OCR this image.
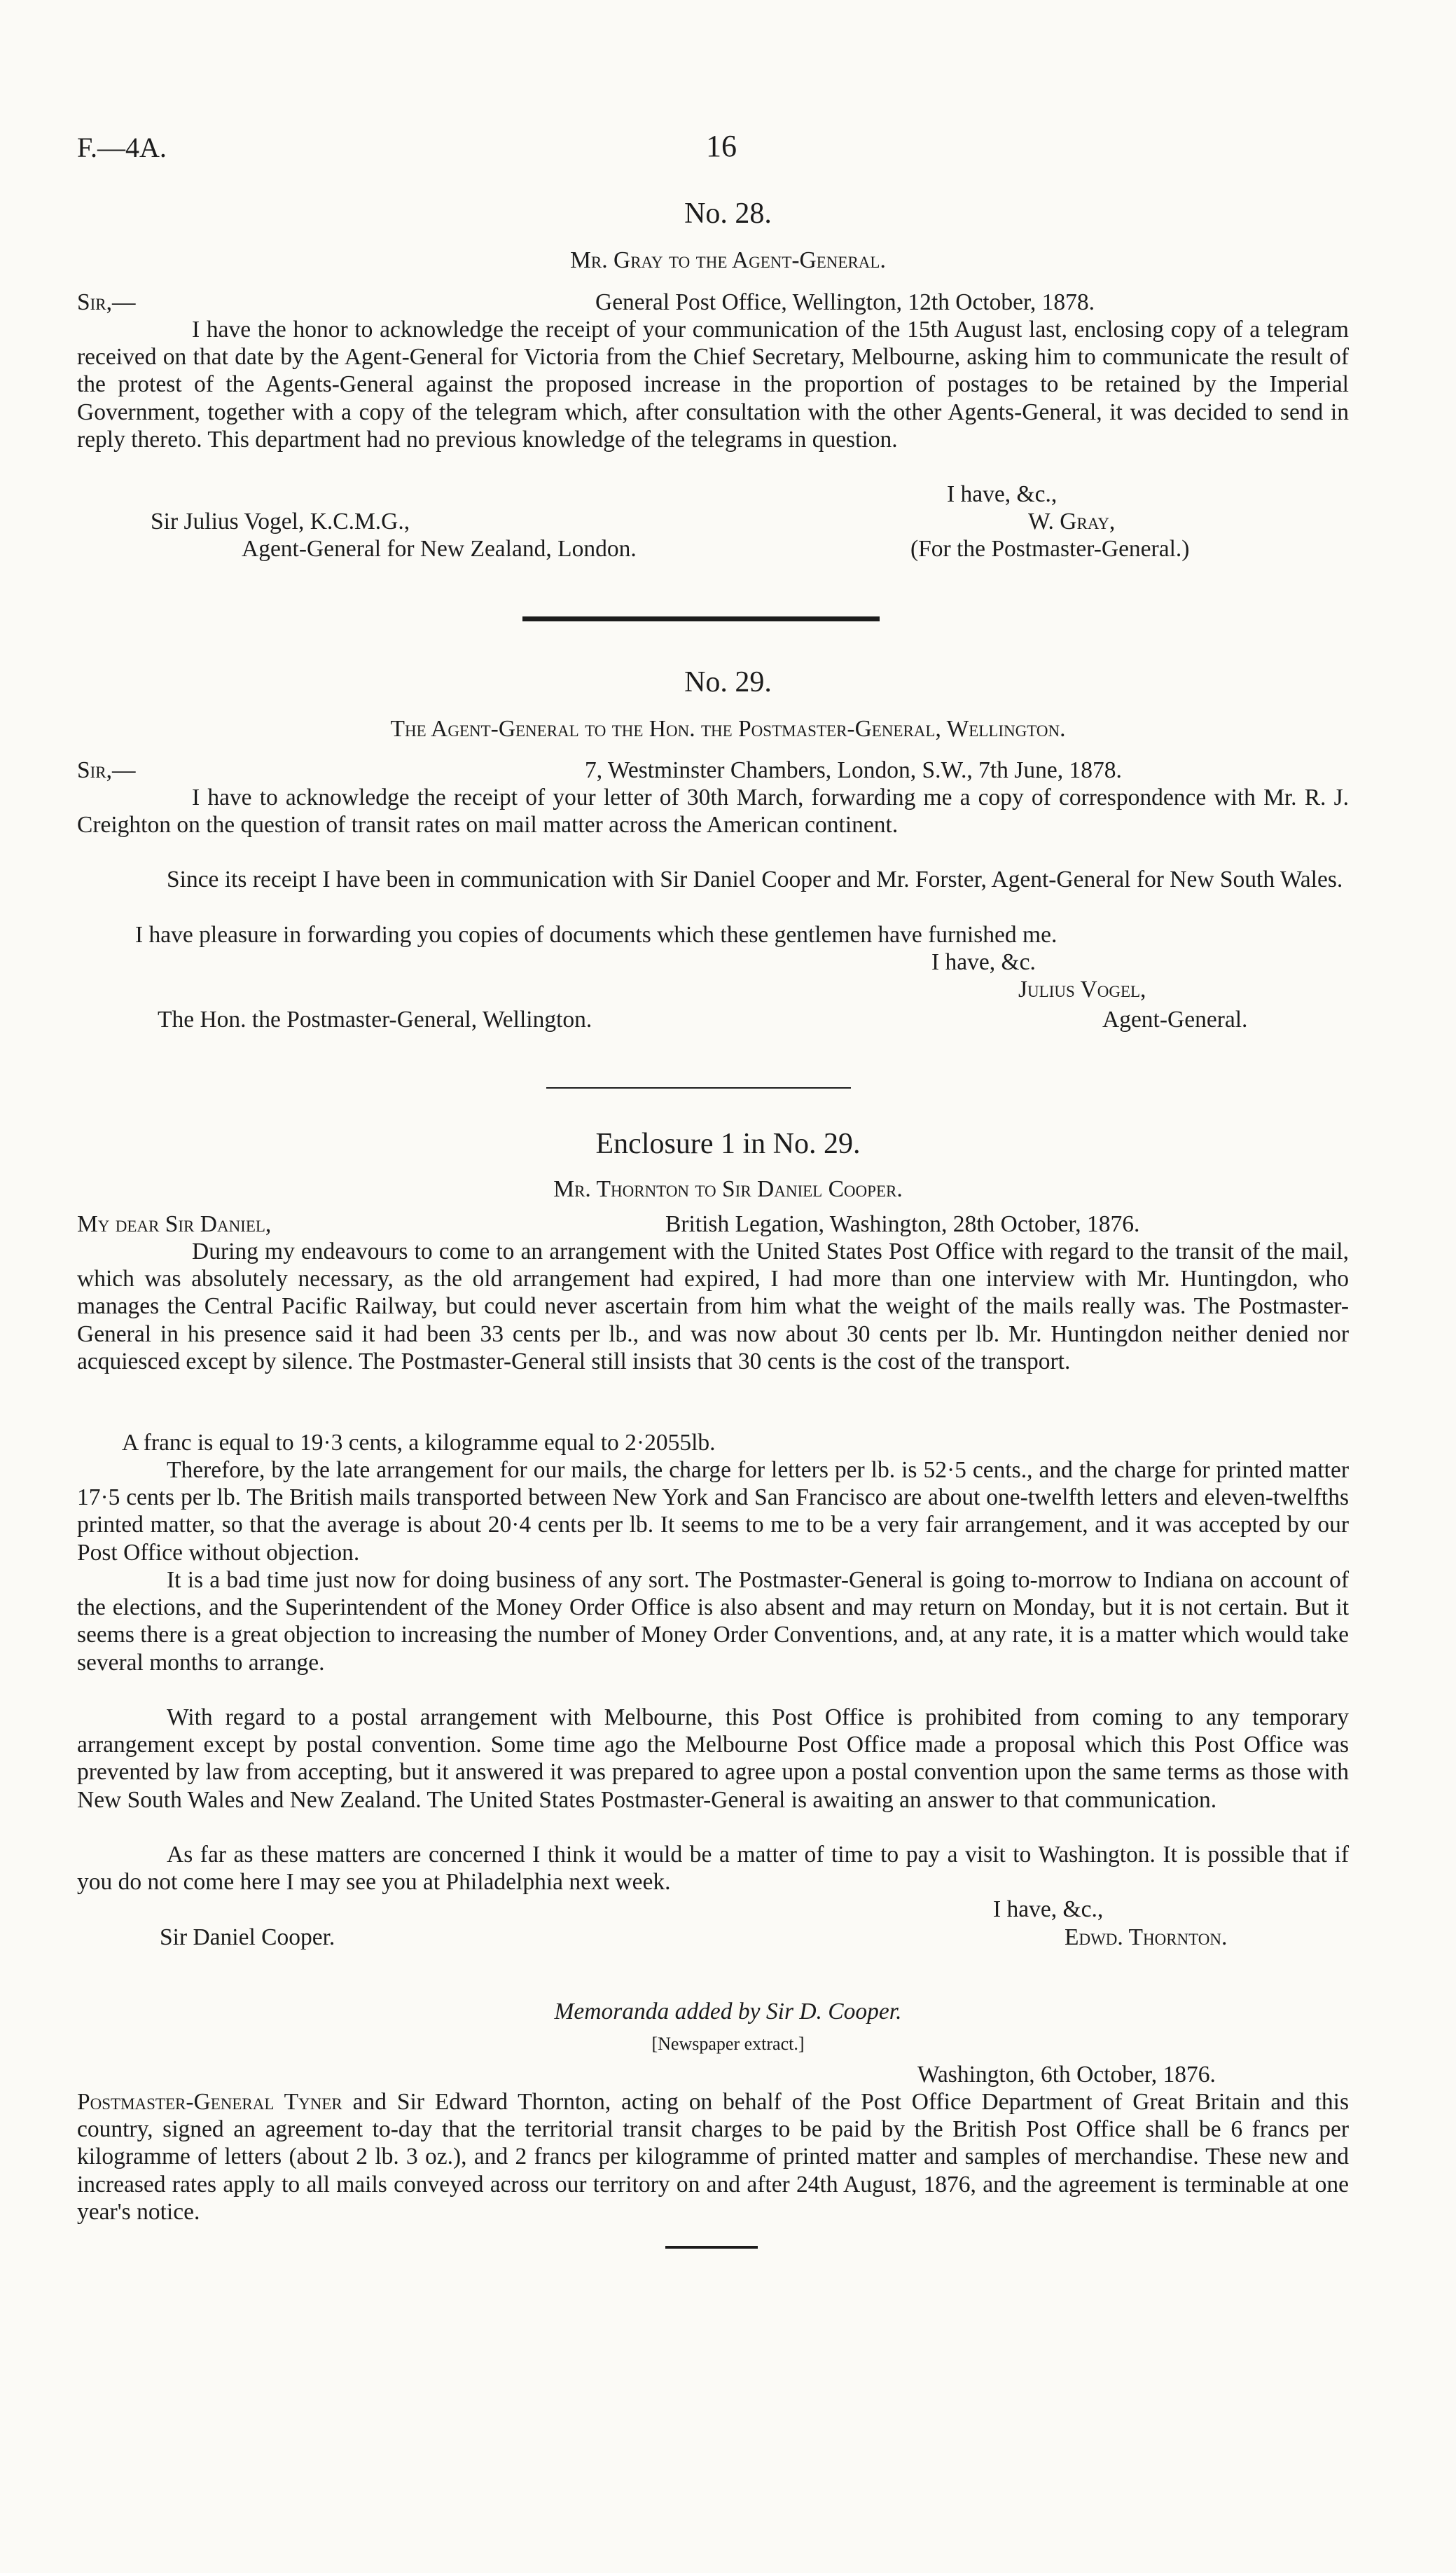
F.—4A.	16
No. 28.
Mr. Gray to the Agent-General.
Sir,—	General Post Office, Wellington, 12th October, 1878.

I have the honor to acknowledge the receipt of your communication of the 15th August last, enclosing copy of a telegram received on that date by the Agent-General for Victoria from the Chief Secretary, Melbourne, asking him to communicate the result of the protest of the Agents-General against the proposed increase in the proportion of postages to be retained by the Imperial Government, together with a copy of the telegram which, after consultation with the other Agents-General, it was decided to send in reply thereto. This department had no previous knowledge of the telegrams in question.

I have, &c.,
Sir Julius Vogel, K.C.M.G.,	W. Gray,
Agent-General for New Zealand, London.	(For the Postmaster-General.)
No. 29.
The Agent-General to the Hon. the Postmaster-General, Wellington.
Sir,—	7, Westminster Chambers, London, S.W., 7th June, 1878.

I have to acknowledge the receipt of your letter of 30th March, forwarding me a copy of correspondence with Mr. R. J. Creighton on the question of transit rates on mail matter across the American continent.

Since its receipt I have been in communication with Sir Daniel Cooper and Mr. Forster, Agent-General for New South Wales.

I have pleasure in forwarding you copies of documents which these gentlemen have furnished me.

I have, &c.
Julius Vogel,
The Hon. the Postmaster-General, Wellington.	Agent-General.
Enclosure 1 in No. 29.
Mr. Thornton to Sir Daniel Cooper.
My dear Sir Daniel,	British Legation, Washington, 28th October, 1876.

During my endeavours to come to an arrangement with the United States Post Office with regard to the transit of the mail, which was absolutely necessary, as the old arrangement had expired, I had more than one interview with Mr. Huntingdon, who manages the Central Pacific Railway, but could never ascertain from him what the weight of the mails really was. The Postmaster-General in his presence said it had been 33 cents per lb., and was now about 30 cents per lb. Mr. Huntingdon neither denied nor acquiesced except by silence. The Postmaster-General still insists that 30 cents is the cost of the transport.

A franc is equal to 19·3 cents, a kilogramme equal to 2·2055lb.

Therefore, by the late arrangement for our mails, the charge for letters per lb. is 52·5 cents., and the charge for printed matter 17·5 cents per lb. The British mails transported between New York and San Francisco are about one-twelfth letters and eleven-twelfths printed matter, so that the average is about 20·4 cents per lb. It seems to me to be a very fair arrangement, and it was accepted by our Post Office without objection.

It is a bad time just now for doing business of any sort. The Postmaster-General is going to-morrow to Indiana on account of the elections, and the Superintendent of the Money Order Office is also absent and may return on Monday, but it is not certain. But it seems there is a great objection to increasing the number of Money Order Conventions, and, at any rate, it is a matter which would take several months to arrange.

With regard to a postal arrangement with Melbourne, this Post Office is prohibited from coming to any temporary arrangement except by postal convention. Some time ago the Melbourne Post Office made a proposal which this Post Office was prevented by law from accepting, but it answered it was prepared to agree upon a postal convention upon the same terms as those with New South Wales and New Zealand. The United States Postmaster-General is awaiting an answer to that communication.

As far as these matters are concerned I think it would be a matter of time to pay a visit to Washington. It is possible that if you do not come here I may see you at Philadelphia next week.

I have, &c.,
Sir Daniel Cooper.	Edwd. Thornton.
Memoranda added by Sir D. Cooper.
[Newspaper extract.]
Washington, 6th October, 1876.

Postmaster-General Tyner and Sir Edward Thornton, acting on behalf of the Post Office Department of Great Britain and this country, signed an agreement to-day that the territorial transit charges to be paid by the British Post Office shall be 6 francs per kilogramme of letters (about 2 lb. 3 oz.), and 2 francs per kilogramme of printed matter and samples of merchandise. These new and increased rates apply to all mails conveyed across our territory on and after 24th August, 1876, and the agreement is terminable at one year's notice.
